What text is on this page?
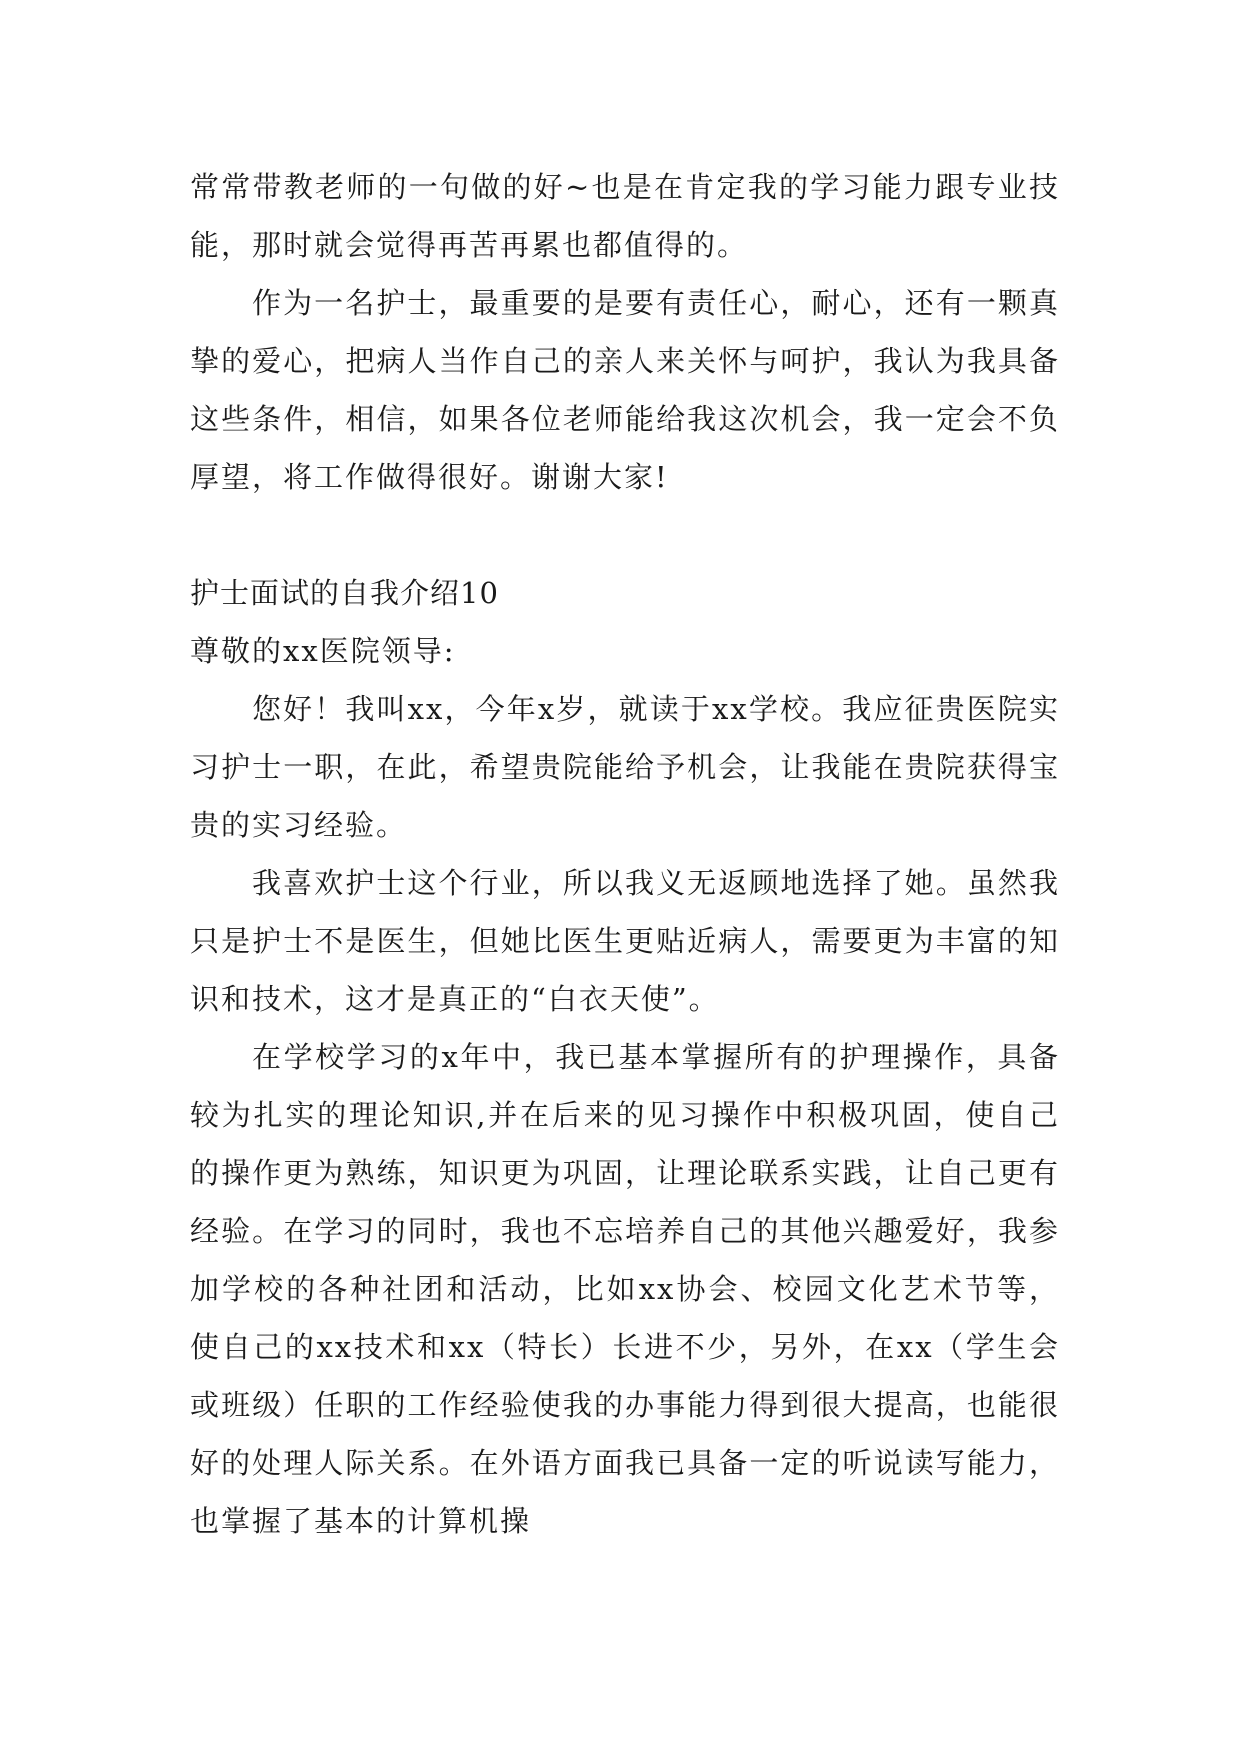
常常带教老师的一句做的好~也是在肯定我的学习能力跟专业技能，那时就会觉得再苦再累也都值得的。

作为一名护士，最重要的是要有责任心，耐心，还有一颗真挚的爱心，把病人当作自己的亲人来关怀与呵护，我认为我具备这些条件，相信，如果各位老师能给我这次机会，我一定会不负厚望，将工作做得很好。谢谢大家!

护士面试的自我介绍10

尊敬的xx医院领导:

您好！我叫xx，今年x岁，就读于xx学校。我应征贵医院实习护士一职，在此，希望贵院能给予机会，让我能在贵院获得宝贵的实习经验。

我喜欢护士这个行业，所以我义无返顾地选择了她。虽然我只是护士不是医生，但她比医生更贴近病人，需要更为丰富的知识和技术，这才是真正的“白衣天使”。

在学校学习的x年中，我已基本掌握所有的护理操作，具备较为扎实的理论知识,并在后来的见习操作中积极巩固，使自己的操作更为熟练，知识更为巩固，让理论联系实践，让自己更有经验。在学习的同时，我也不忘培养自己的其他兴趣爱好，我参加学校的各种社团和活动，比如xx协会、校园文化艺术节等，使自己的xx技术和xx（特长）长进不少，另外，在xx（学生会或班级）任职的工作经验使我的办事能力得到很大提高，也能很好的处理人际关系。在外语方面我已具备一定的听说读写能力，也掌握了基本的计算机操
